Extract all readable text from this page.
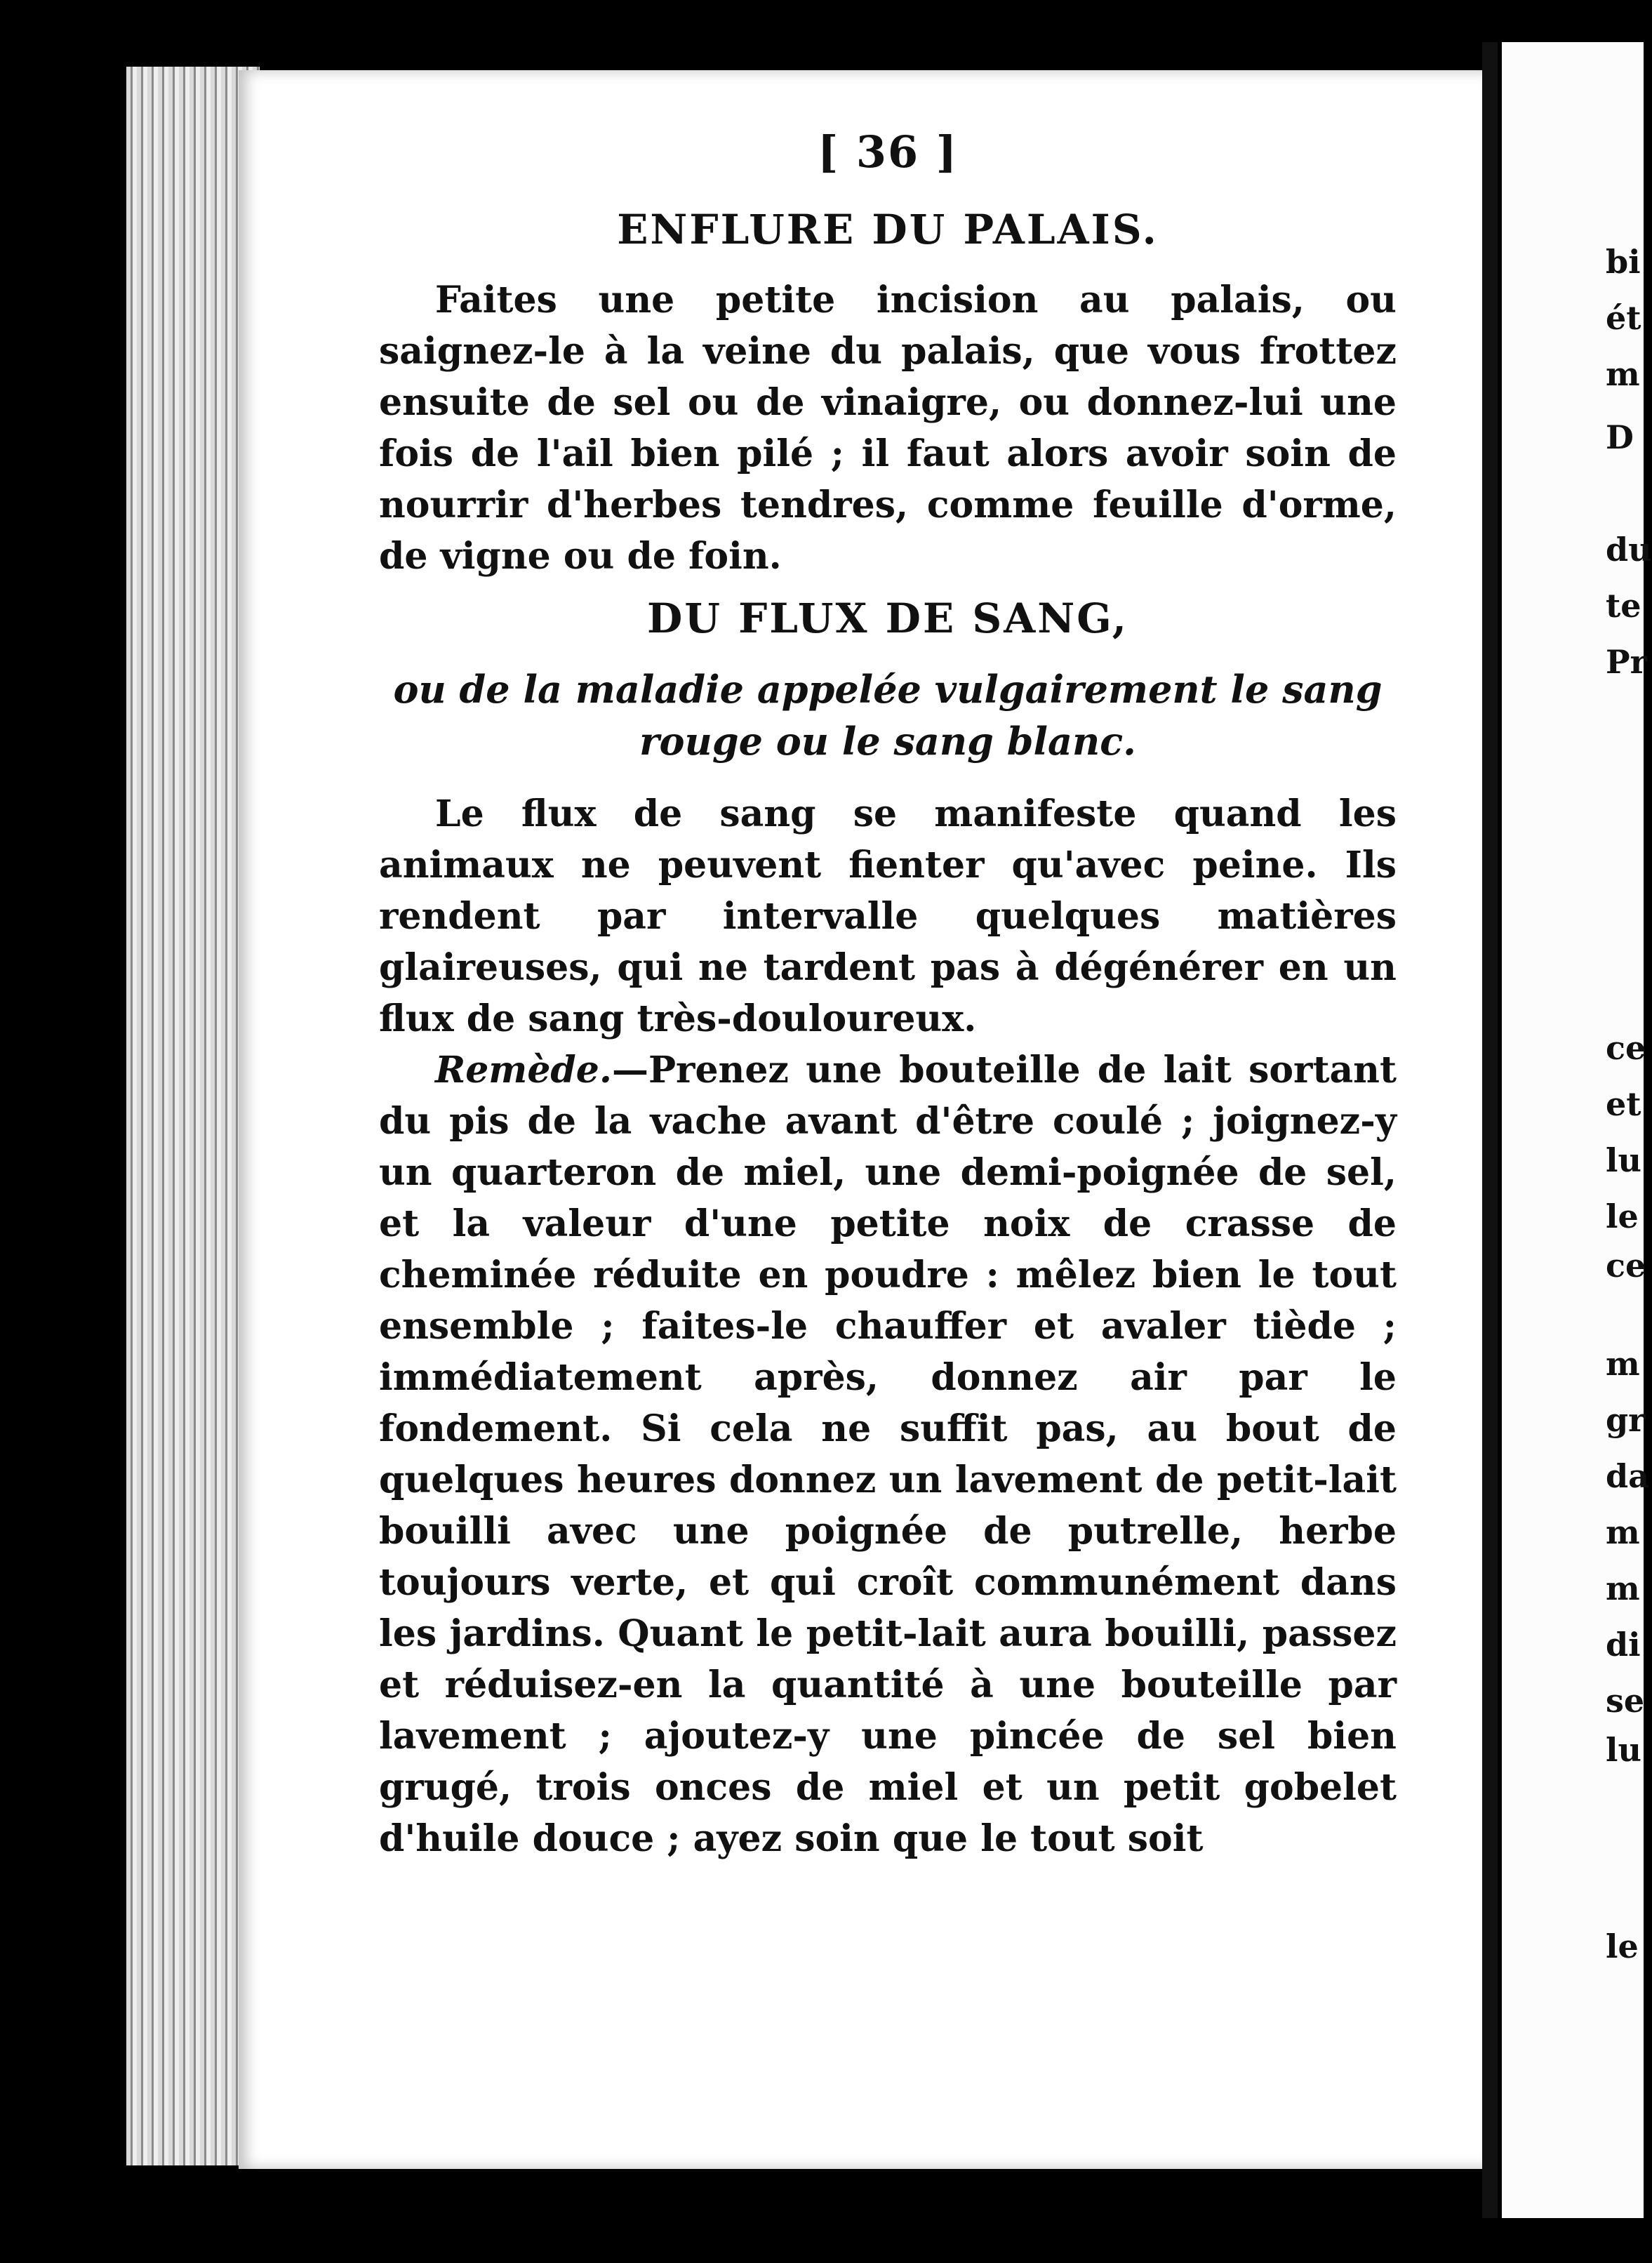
[ 36 ]
ENFLURE DU PALAIS.

Faites une petite incision au palais, ou saignez-le à la veine du palais, que vous frottez ensuite de sel ou de vinaigre, ou donnez-lui une fois de l'ail bien pilé ; il faut alors avoir soin de nourrir d'herbes tendres, comme feuille d'orme, de vigne ou de foin.

DU FLUX DE SANG,
ou de la maladie appelée vulgairement le sang rouge ou le sang blanc.

Le flux de sang se manifeste quand les animaux ne peuvent fienter qu'avec peine. Ils rendent par intervalle quelques matières glaireuses, qui ne tardent pas à dégénérer en un flux de sang très-douloureux.

Remède.—Prenez une bouteille de lait sortant du pis de la vache avant d'être coulé ; joignez-y un quarteron de miel, une demi-poignée de sel, et la valeur d'une petite noix de crasse de cheminée réduite en poudre : mêlez bien le tout ensemble ; faites-le chauffer et avaler tiède ; immédiatement après, donnez air par le fondement. Si cela ne suffit pas, au bout de quelques heures donnez un lavement de petit-lait bouilli avec une poignée de putrelle, herbe toujours verte, et qui croît communément dans les jardins. Quant le petit-lait aura bouilli, passez et réduisez-en la quantité à une bouteille par lavement ; ajoutez-y une pincée de sel bien grugé, trois onces de miel et un petit gobelet d'huile douce ; ayez soin que le tout soit

bi
ét
m
D
du
te
Pr
ce
et
lu
le
ce
m
gr
da
m
m
di
se
lu
le
